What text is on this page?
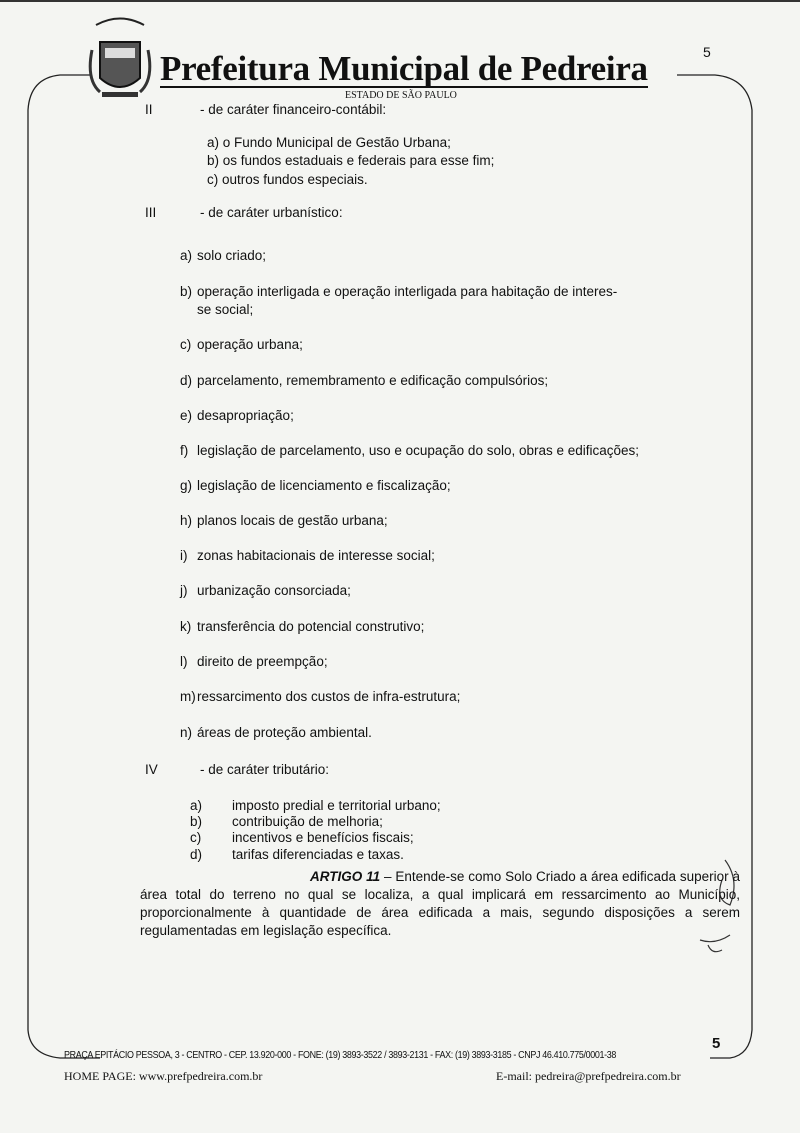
Prefeitura Municipal de Pedreira	5
ESTADO DE SÃO PAULO
II	- de caráter financeiro-contábil:
a) o Fundo Municipal de Gestão Urbana;
b) os fundos estaduais e federais para esse fim;
c) outros fundos especiais.
III	- de caráter urbanístico:
a) solo criado;
b) operação interligada e operação interligada para habitação de interes-
se social;
c) operação urbana;
d) parcelamento, remembramento e edificação compulsórios;
e) desapropriação;
f) legislação de parcelamento, uso e ocupação do solo, obras e edificações;
g) legislação de licenciamento e fiscalização;
h) planos locais de gestão urbana;
i) zonas habitacionais de interesse social;
j) urbanização consorciada;
k) transferência do potencial construtivo;
l) direito de preempção;
m) ressarcimento dos custos de infra-estrutura;
n) áreas de proteção ambiental.
IV	- de caráter tributário:
a) imposto predial e territorial urbano;
b) contribuição de melhoria;
c) incentivos e benefícios fiscais;
d) tarifas diferenciadas e taxas.
ARTIGO 11 – Entende-se como Solo Criado a área edificada superior à área total do terreno no qual se localiza, a qual implicará em ressarcimento ao Município, proporcionalmente à quantidade de área edificada a mais, segundo disposições a serem regulamentadas em legislação específica.
PRAÇA EPITÁCIO PESSOA, 3 - CENTRO - CEP. 13.920-000 - FONE: (19) 3893-3522 / 3893-2131 - FAX: (19) 3893-3185 - CNPJ 46.410.775/0001-38
5
HOME PAGE: www.prefpedreira.com.br	E-mail: pedreira@prefpedreira.com.br
